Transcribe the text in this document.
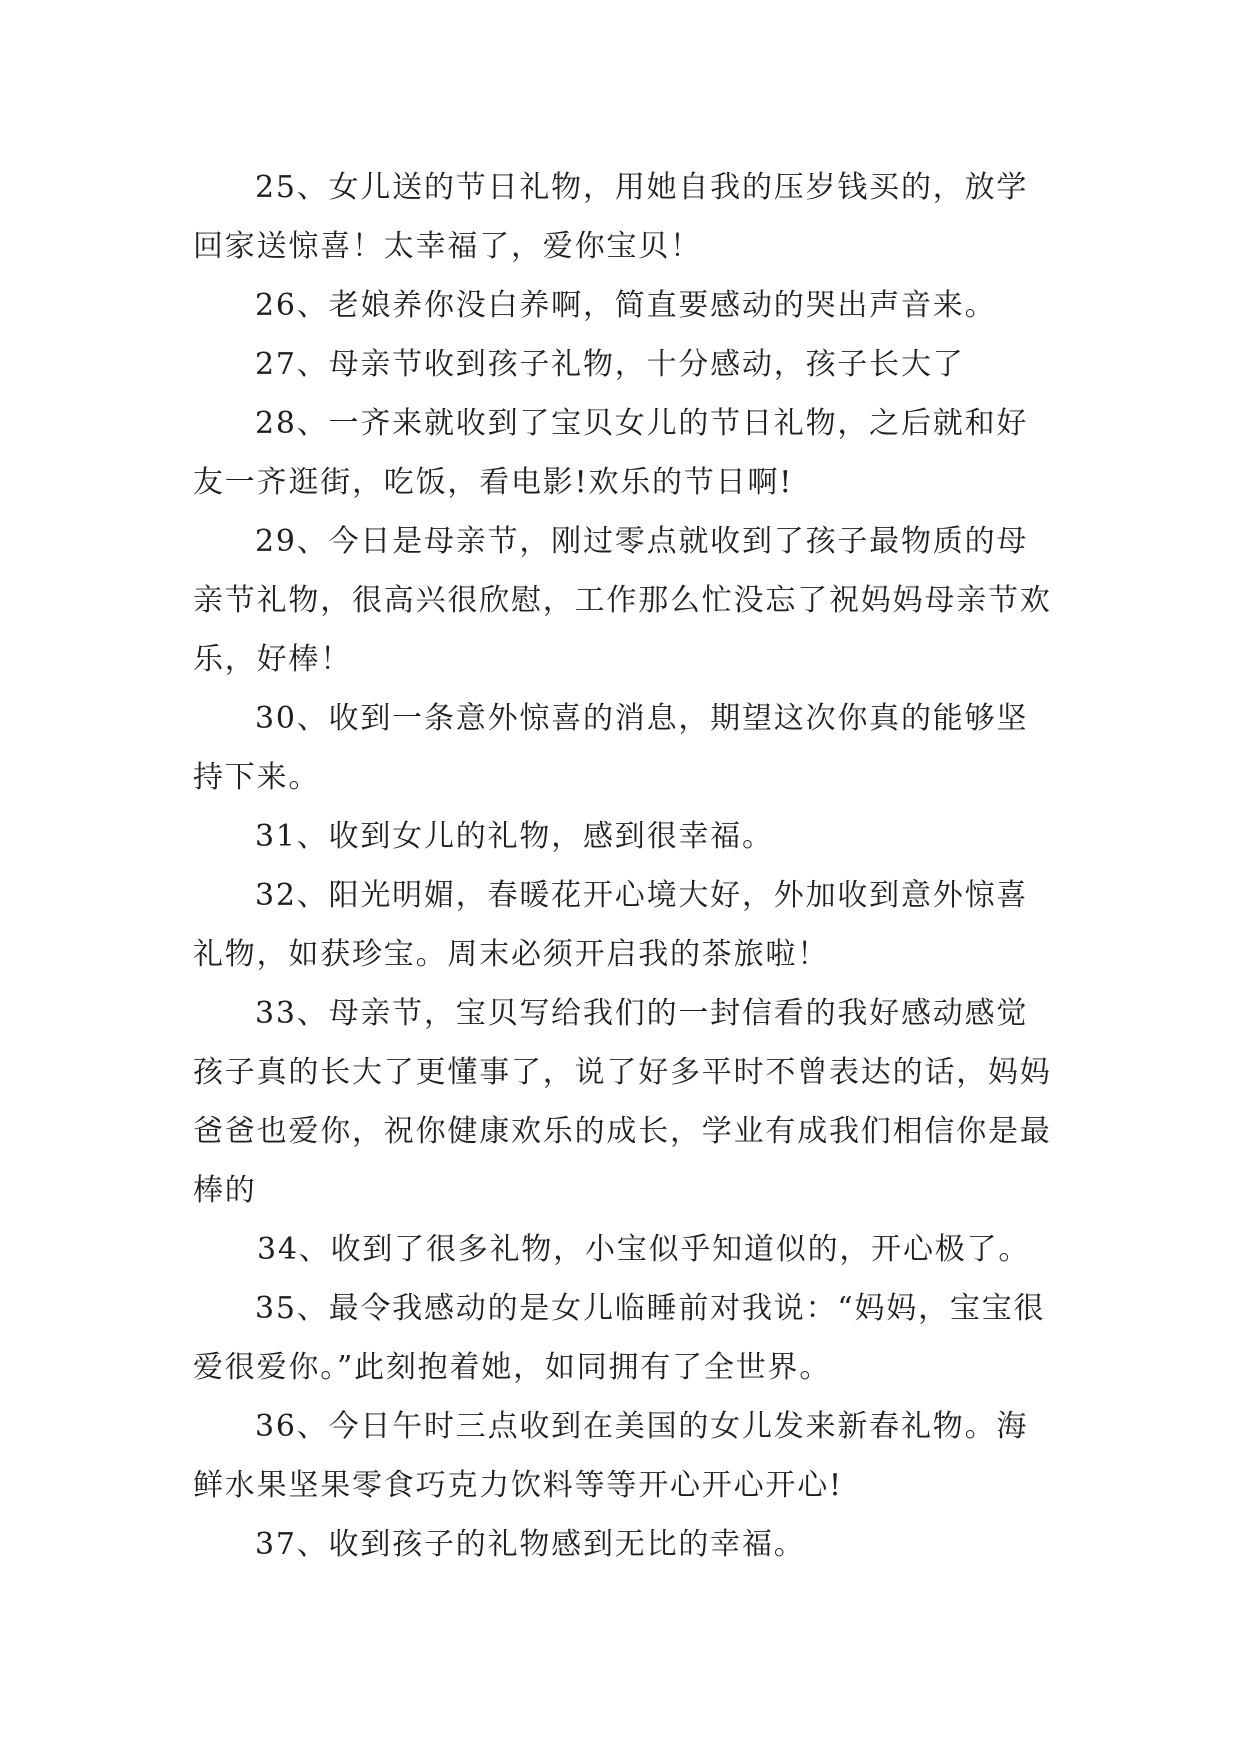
25、女儿送的节日礼物，用她自我的压岁钱买的，放学回家送惊喜！太幸福了，爱你宝贝！

26、老娘养你没白养啊，简直要感动的哭出声音来。

27、母亲节收到孩子礼物，十分感动，孩子长大了

28、一齐来就收到了宝贝女儿的节日礼物，之后就和好友一齐逛街，吃饭，看电影!欢乐的节日啊!

29、今日是母亲节，刚过零点就收到了孩子最物质的母亲节礼物，很高兴很欣慰，工作那么忙没忘了祝妈妈母亲节欢乐，好棒！

30、收到一条意外惊喜的消息，期望这次你真的能够坚持下来。

31、收到女儿的礼物，感到很幸福。

32、阳光明媚，春暖花开心境大好，外加收到意外惊喜礼物，如获珍宝。周末必须开启我的茶旅啦！

33、母亲节，宝贝写给我们的一封信看的我好感动感觉孩子真的长大了更懂事了，说了好多平时不曾表达的话，妈妈爸爸也爱你，祝你健康欢乐的成长，学业有成我们相信你是最棒的

34、收到了很多礼物，小宝似乎知道似的，开心极了。

35、最令我感动的是女儿临睡前对我说：“妈妈，宝宝很爱很爱你。”此刻抱着她，如同拥有了全世界。

36、今日午时三点收到在美国的女儿发来新春礼物。海鲜水果坚果零食巧克力饮料等等开心开心开心!

37、收到孩子的礼物感到无比的幸福。
